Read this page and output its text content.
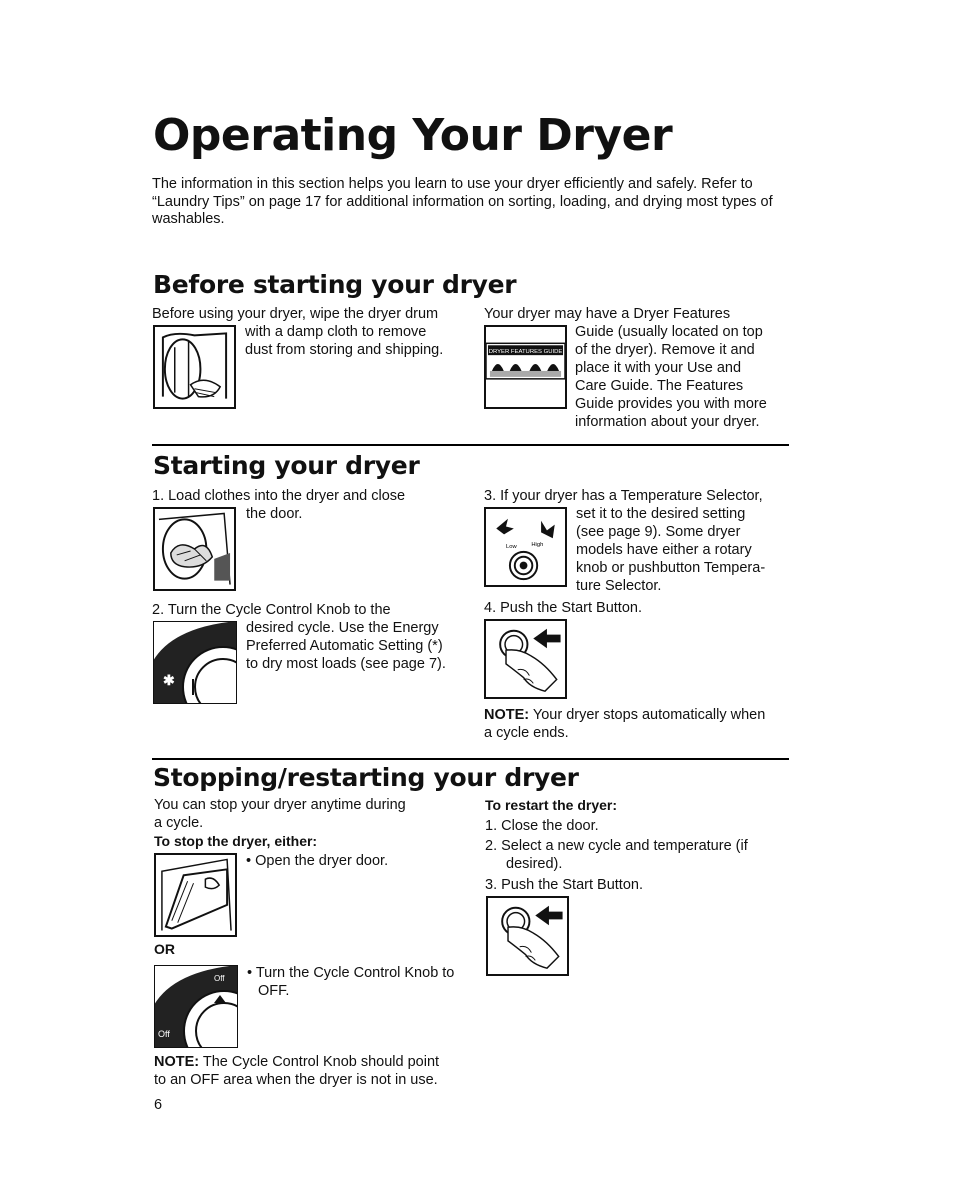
Operating Your Dryer
The information in this section helps you learn to use your dryer efficiently and safely. Refer to “Laundry Tips” on page 17 for additional information on sorting, loading, and drying most types of washables.
Before starting your dryer
Before using your dryer, wipe the dryer drum
with a damp cloth to remove
dust from storing and shipping.
Your dryer may have a Dryer Features
DRYER FEATURES GUIDE
Guide (usually located on top
of the dryer). Remove it and
place it with your Use and
Care Guide. The Features
Guide provides you with more
information about your dryer.
Starting your dryer
1. Load clothes into the dryer and close
the door.
2. Turn the Cycle Control Knob to the
✱
desired cycle. Use the Energy
Preferred Automatic Setting (*)
to dry most loads (see page 7).
3. If your dryer has a Temperature Selector,
Low High
set it to the desired setting
(see page 9). Some dryer
models have either a rotary
knob or pushbutton Tempera-
ture Selector.
4. Push the Start Button.
NOTE: Your dryer stops automatically when
a cycle ends.
Stopping/restarting your dryer
You can stop your dryer anytime during
a cycle.
To stop the dryer, either:
• Open the dryer door.
OR
Off
Off • Turn the Cycle Control Knob to
OFF.
NOTE: The Cycle Control Knob should point
to an OFF area when the dryer is not in use.
To restart the dryer:
1. Close the door.
2. Select a new cycle and temperature (if
desired).
3. Push the Start Button.
6
